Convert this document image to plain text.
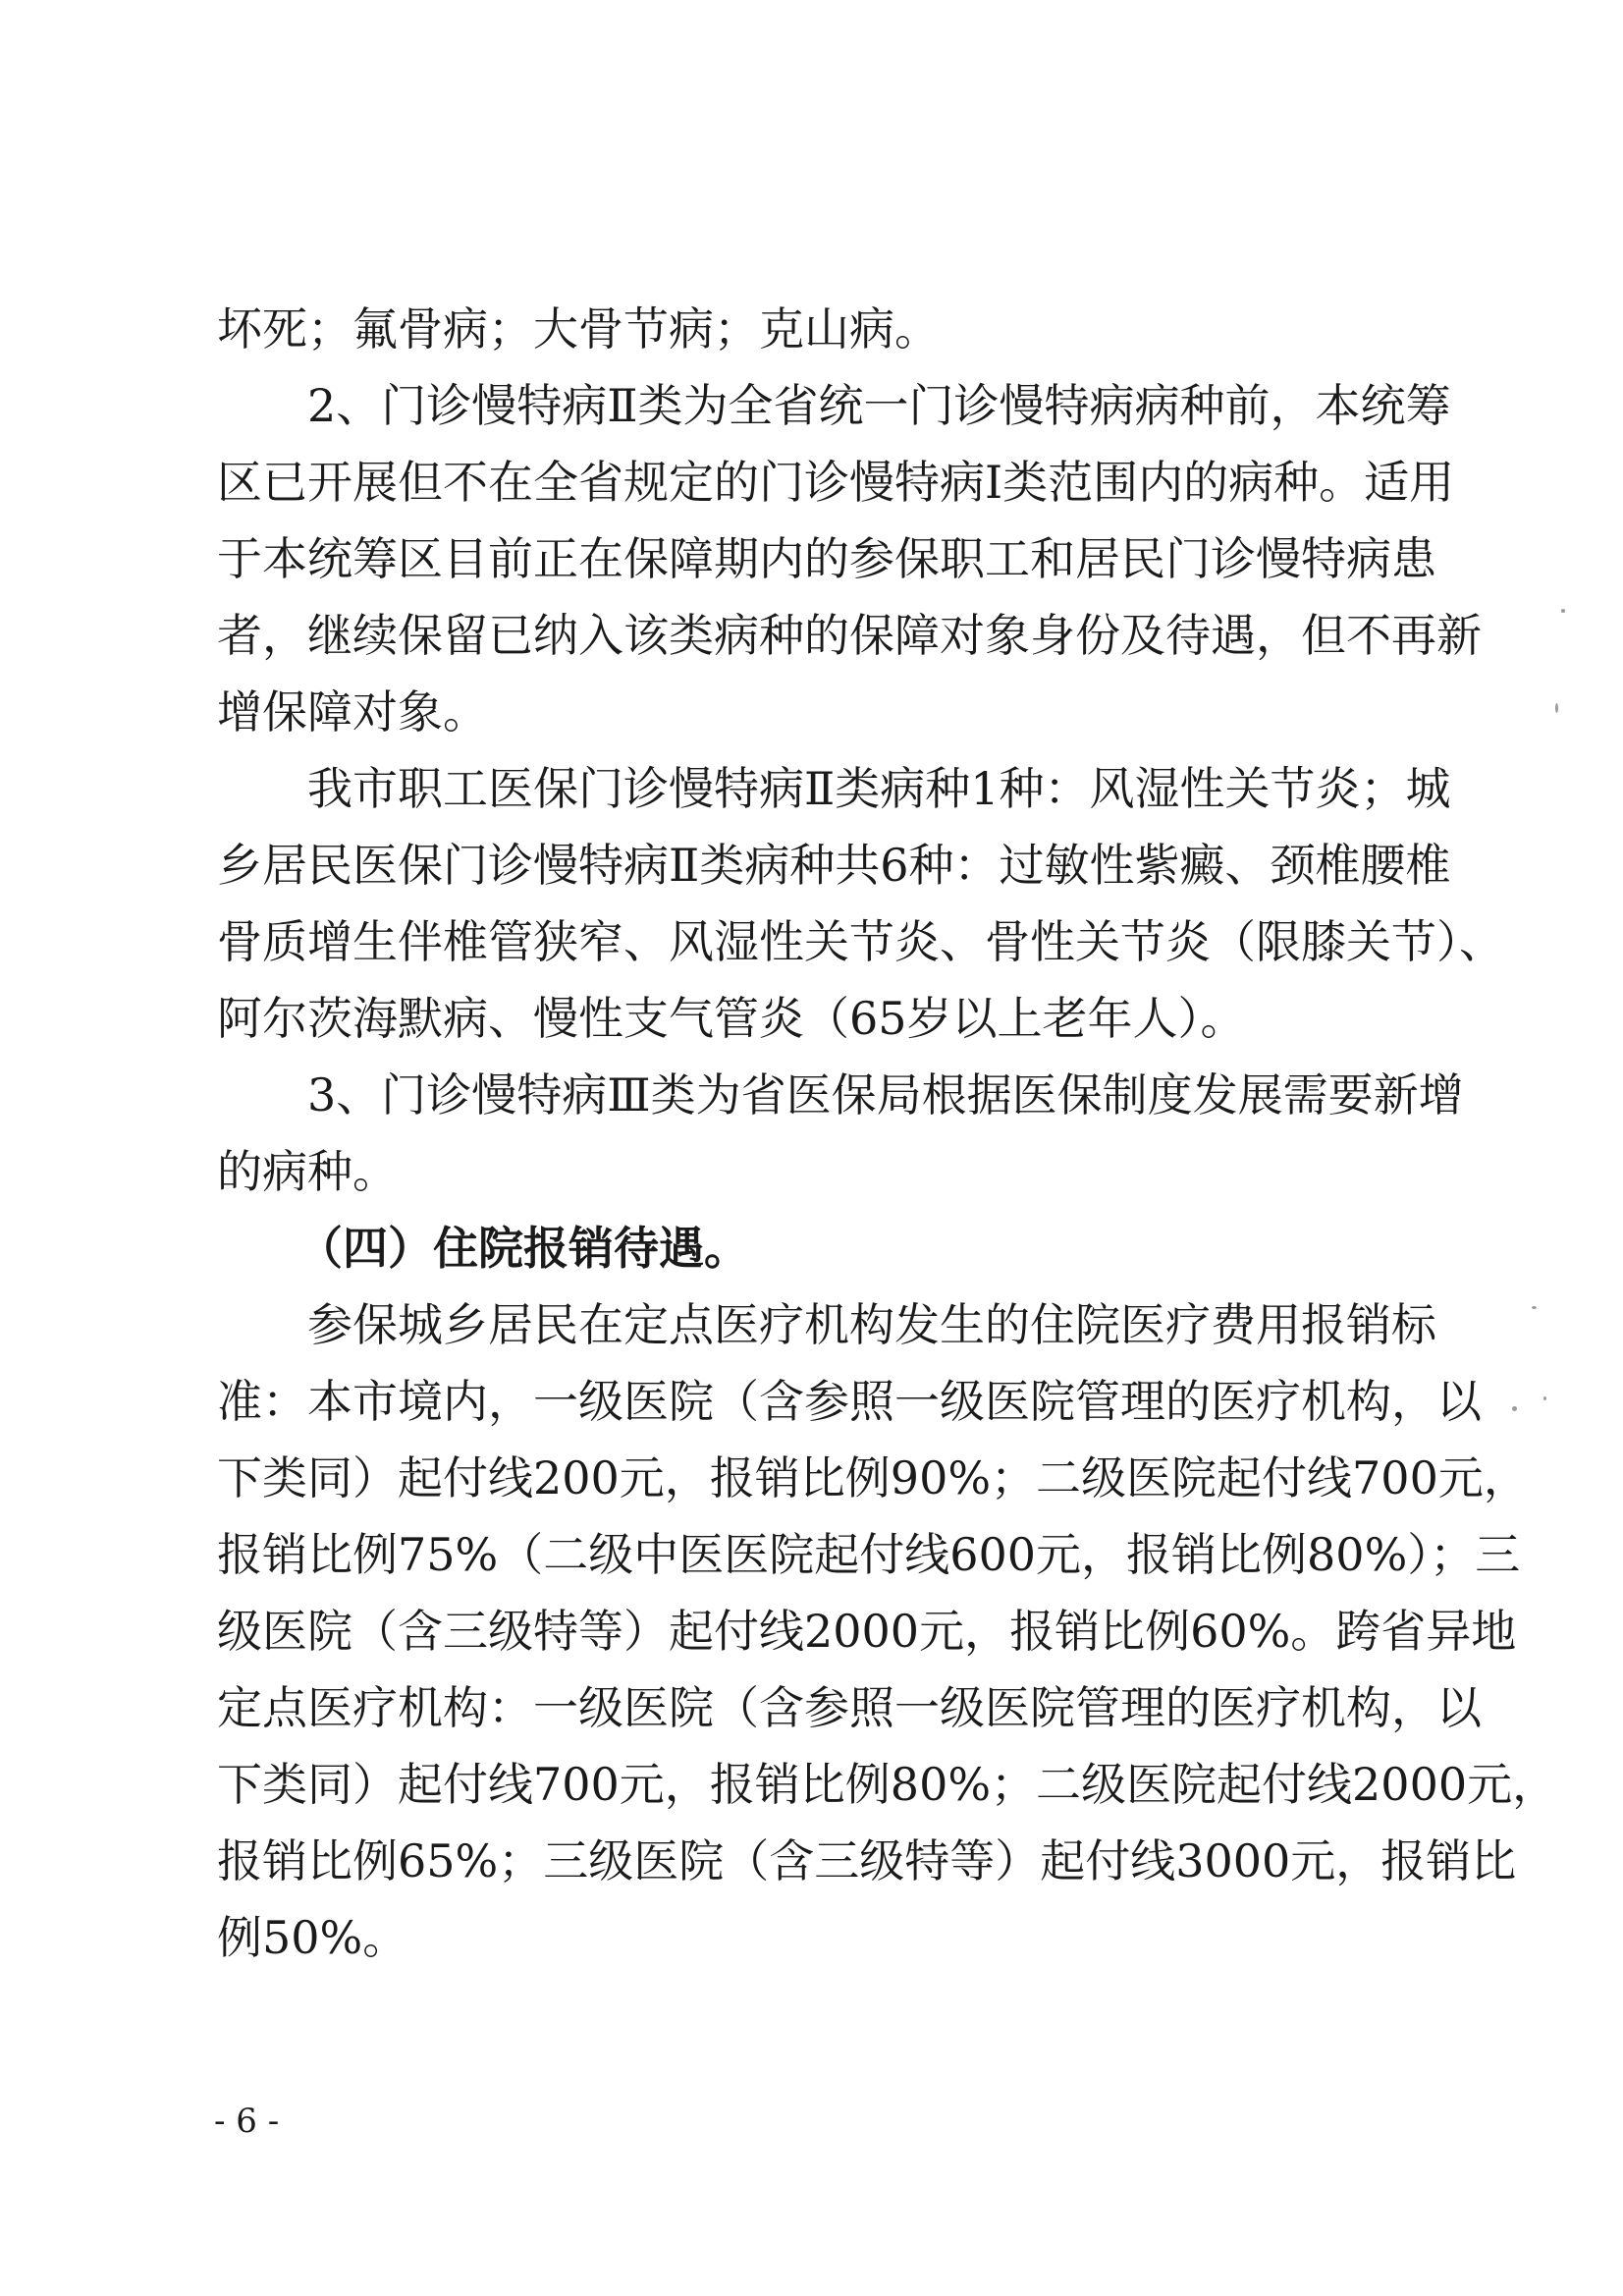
坏死；氟骨病；大骨节病；克山病。
2、门诊慢特病Ⅱ类为全省统一门诊慢特病病种前，本统筹
区已开展但不在全省规定的门诊慢特病Ⅰ类范围内的病种。适用
于本统筹区目前正在保障期内的参保职工和居民门诊慢特病患
者，继续保留已纳入该类病种的保障对象身份及待遇，但不再新
增保障对象。
我市职工医保门诊慢特病Ⅱ类病种1种：风湿性关节炎；城
乡居民医保门诊慢特病Ⅱ类病种共6种：过敏性紫癜、颈椎腰椎
骨质增生伴椎管狭窄、风湿性关节炎、骨性关节炎（限膝关节）、
阿尔茨海默病、慢性支气管炎（65岁以上老年人）。
3、门诊慢特病Ⅲ类为省医保局根据医保制度发展需要新增
的病种。
（四）住院报销待遇。
参保城乡居民在定点医疗机构发生的住院医疗费用报销标
准：本市境内，一级医院（含参照一级医院管理的医疗机构，以
下类同）起付线200元，报销比例90%；二级医院起付线700元，
报销比例75%（二级中医医院起付线600元，报销比例80%）；三
级医院（含三级特等）起付线2000元，报销比例60%。跨省异地
定点医疗机构：一级医院（含参照一级医院管理的医疗机构，以
下类同）起付线700元，报销比例80%；二级医院起付线2000元，
报销比例65%；三级医院（含三级特等）起付线3000元，报销比
例50%。
- 6 -
